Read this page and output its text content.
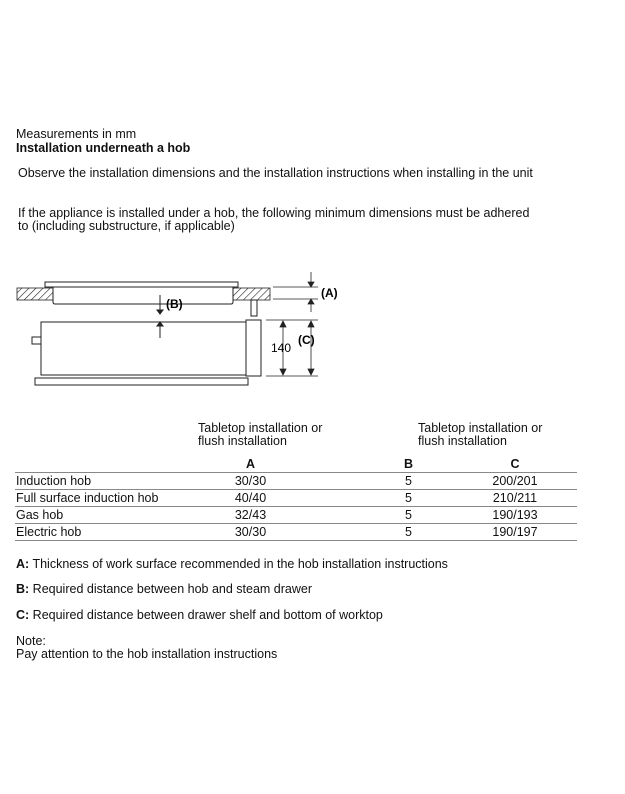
Measurements in mm
Installation underneath a hob
Observe the installation dimensions and the installation instructions when installing in the unit
If the appliance is installed under a hob, the following minimum dimensions must be adhered
to (including substructure, if applicable)
(B)
(A)
(C)
140
Tabletop installation or
flush installation
Tabletop installation or
flush installation
	A	B	C
Induction hob	30/30	5	200/201
Full surface induction hob	40/40	5	210/211
Gas hob	32/43	5	190/193
Electric hob	30/30	5	190/197
A: Thickness of work surface recommended in the hob installation instructions
B: Required distance between hob and steam drawer
C: Required distance between drawer shelf and bottom of worktop
Note:
Pay attention to the hob installation instructions
